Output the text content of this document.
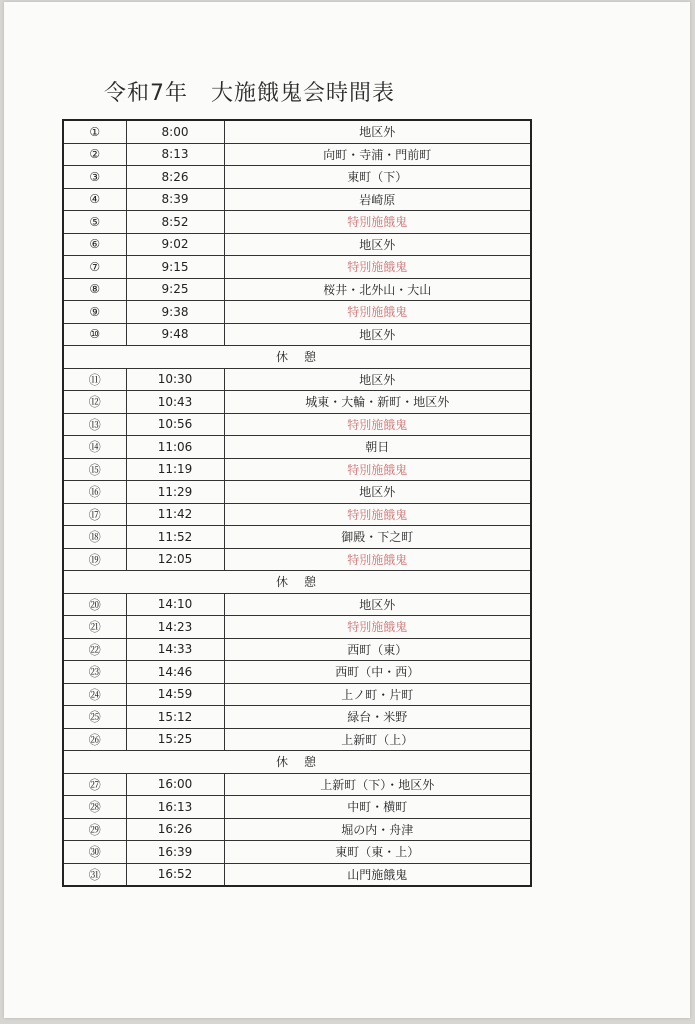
令和7年　大施餓鬼会時間表
①	8:00	地区外
②	8:13	向町・寺浦・門前町
③	8:26	東町（下）
④	8:39	岩崎原
⑤	8:52	特別施餓鬼
⑥	9:02	地区外
⑦	9:15	特別施餓鬼
⑧	9:25	桜井・北外山・大山
⑨	9:38	特別施餓鬼
⑩	9:48	地区外
休　憩		
⑪	10:30	地区外
⑫	10:43	城東・大輪・新町・地区外
⑬	10:56	特別施餓鬼
⑭	11:06	朝日
⑮	11:19	特別施餓鬼
⑯	11:29	地区外
⑰	11:42	特別施餓鬼
⑱	11:52	御殿・下之町
⑲	12:05	特別施餓鬼
休　憩		
⑳	14:10	地区外
㉑	14:23	特別施餓鬼
㉒	14:33	西町（東）
㉓	14:46	西町（中・西）
㉔	14:59	上ノ町・片町
㉕	15:12	緑台・米野
㉖	15:25	上新町（上）
休　憩		
㉗	16:00	上新町（下）・地区外
㉘	16:13	中町・横町
㉙	16:26	堀の内・舟津
㉚	16:39	東町（東・上）
㉛	16:52	山門施餓鬼
